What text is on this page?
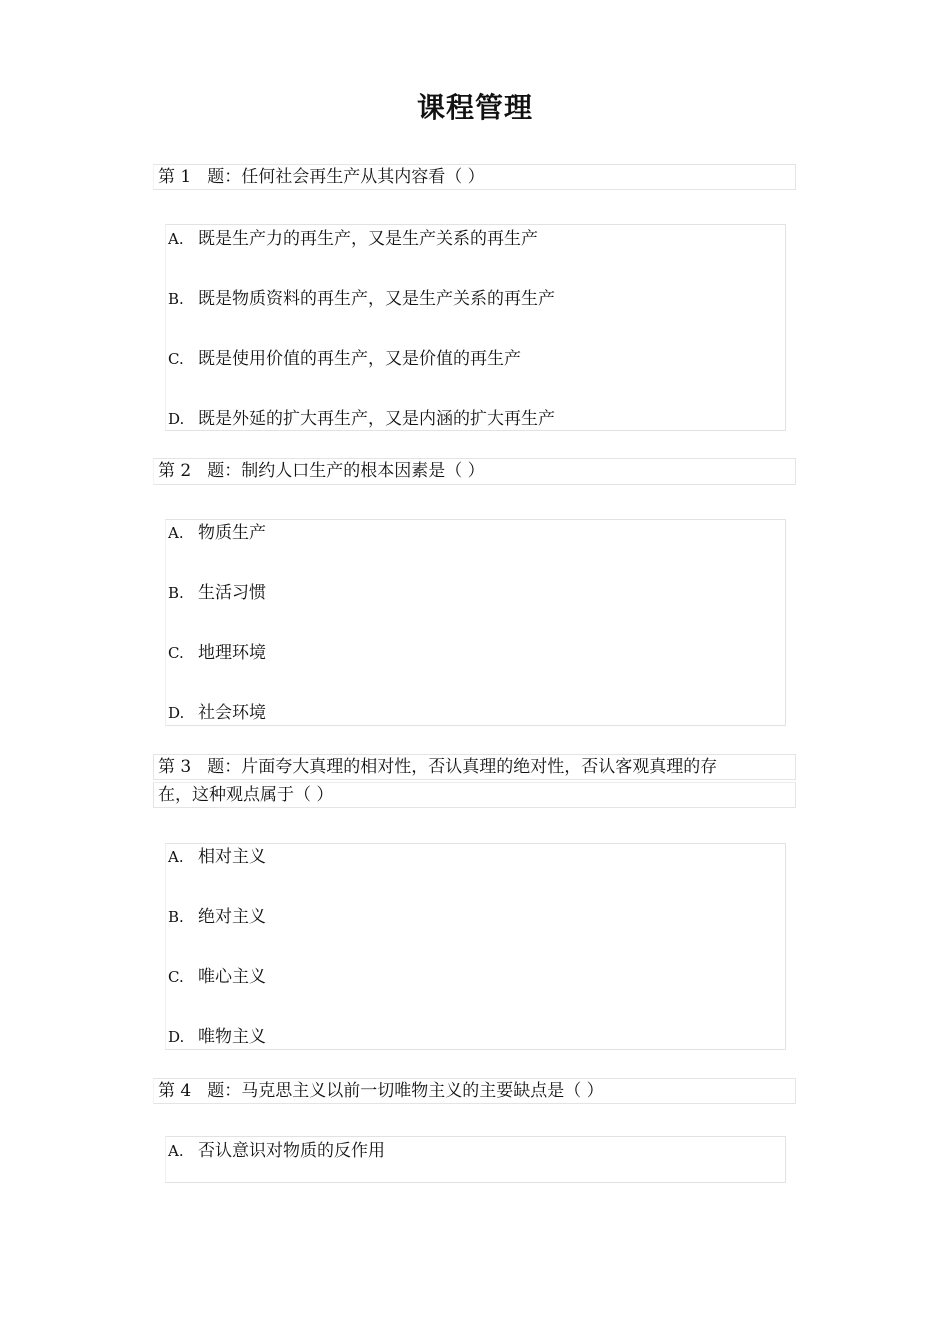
课程管理
第 1 题：任何社会再生产从其内容看（ ）
A. 既是生产力的再生产，又是生产关系的再生产
B. 既是物质资料的再生产，又是生产关系的再生产
C. 既是使用价值的再生产，又是价值的再生产
D. 既是外延的扩大再生产，又是内涵的扩大再生产
第 2 题：制约人口生产的根本因素是（ ）
A. 物质生产
B. 生活习惯
C. 地理环境
D. 社会环境
第 3 题：片面夸大真理的相对性，否认真理的绝对性，否认客观真理的存
在，这种观点属于（ ）
A. 相对主义
B. 绝对主义
C. 唯心主义
D. 唯物主义
第 4 题：马克思主义以前一切唯物主义的主要缺点是（ ）
A. 否认意识对物质的反作用
